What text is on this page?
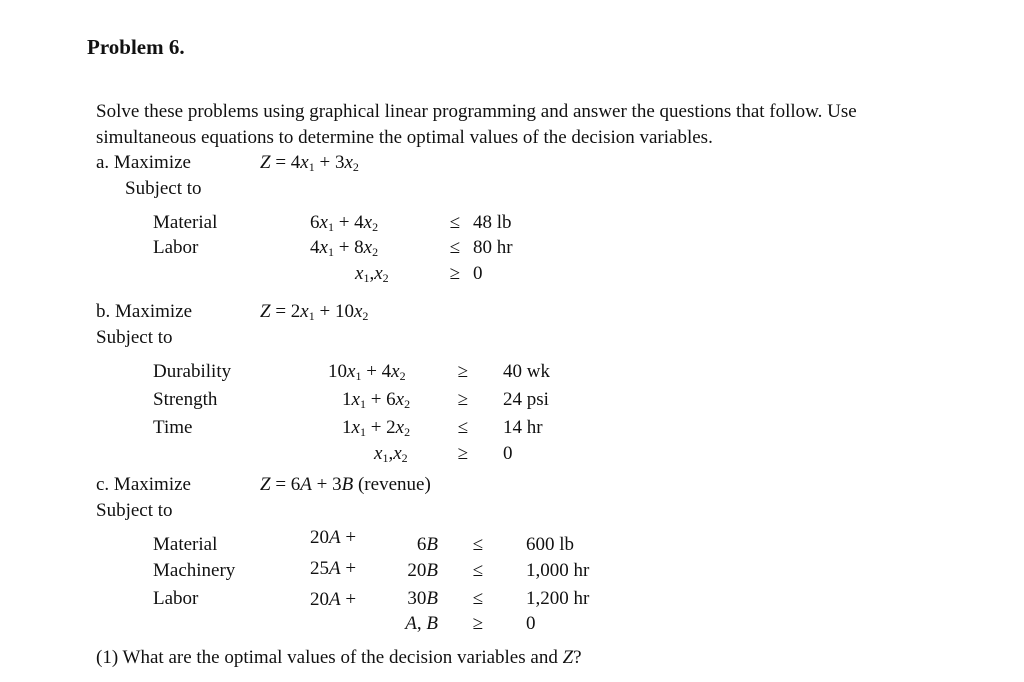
Problem 6.
Solve these problems using graphical linear programming and answer the questions that follow. Use
simultaneous equations to determine the optimal values of the decision variables.
a. Maximize	$Z = 4x_1 + 3x_2$
Subject to
Material	$6x_1 + 4x_2$	≤ 48 lb
Labor	$4x_1 + 8x_2$	≤ 80 hr
$x_1,x_2$	≥ 0
b. Maximize	$Z = 2x_1 + 10x_2$
Subject to
Durability	$10x_1 + 4x_2$	≥ 40 wk
Strength	$1x_1 + 6x_2$	≥ 24 psi
Time	$1x_1 + 2x_2$	≤ 14 hr
$x_1,x_2$	≥ 0
c. Maximize	Z = 6A + 3B (revenue)
Subject to
Material	20A +	6B ≤ 600 lb
Machinery	25A +	20B ≤ 1,000 hr
Labor	20A +	30B ≤ 1,200 hr
A, B ≥ 0
(1) What are the optimal values of the decision variables and Z?
